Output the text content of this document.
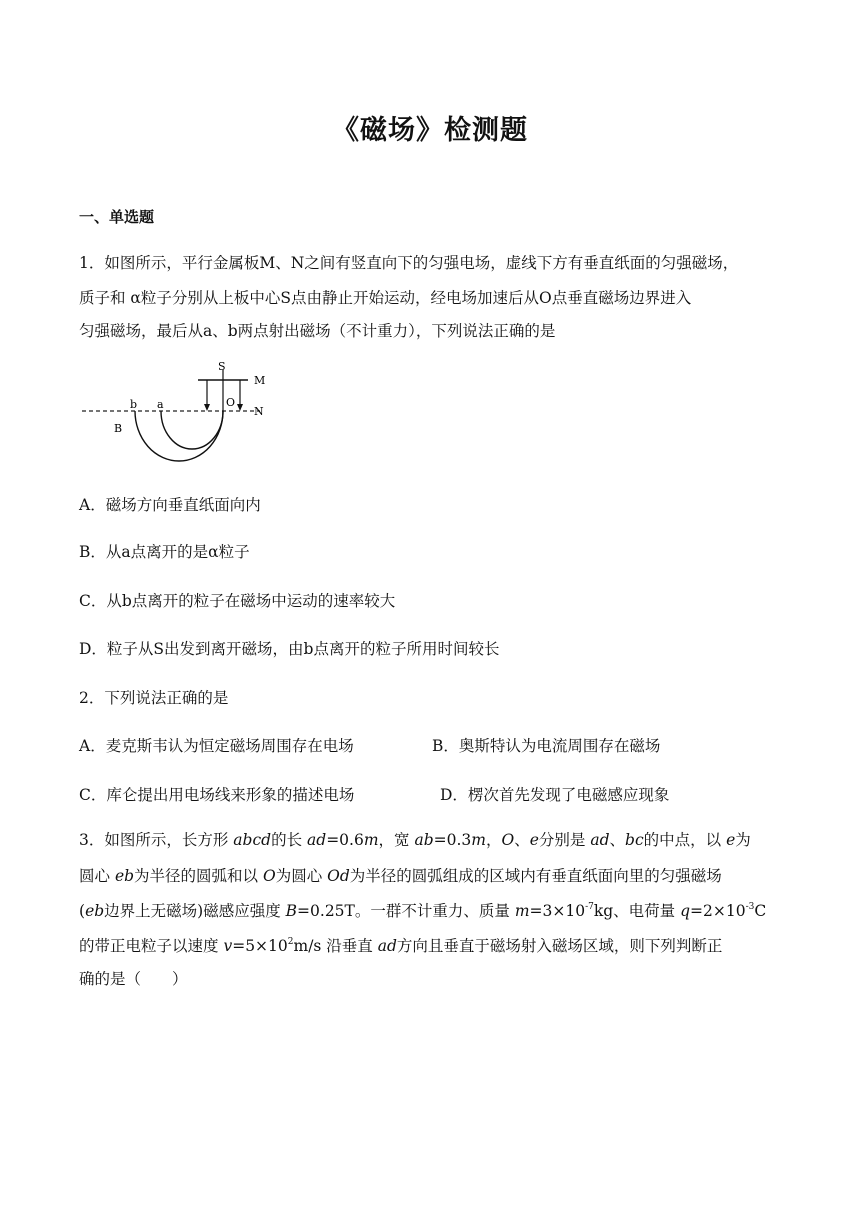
《磁场》检测题
一、单选题
1．如图所示，平行金属板M、N之间有竖直向下的匀强电场，虚线下方有垂直纸面的匀强磁场，
质子和 α粒子分别从上板中心S点由静止开始运动，经电场加速后从O点垂直磁场边界进入
匀强磁场，最后从a、b两点射出磁场（不计重力），下列说法正确的是
S
M
N
O
a
b
B
A．磁场方向垂直纸面向内
B．从a点离开的是α粒子
C．从b点离开的粒子在磁场中运动的速率较大
D．粒子从S出发到离开磁场，由b点离开的粒子所用时间较长
2．下列说法正确的是
A．麦克斯韦认为恒定磁场周围存在电场	B．奥斯特认为电流周围存在磁场
C．库仑提出用电场线来形象的描述电场	D．楞次首先发现了电磁感应现象
3．如图所示，长方形 abcd的长 ad=0.6m，宽 ab=0.3m，O、e分别是 ad、bc的中点，以 e为
圆心 eb为半径的圆弧和以 O为圆心 Od为半径的圆弧组成的区域内有垂直纸面向里的匀强磁场
(eb边界上无磁场)磁感应强度 B=0.25T。一群不计重力、质量 $m=3\times 10^{-7}kg$、电荷量 $q=2\times 10^{-3}C$
的带正电粒子以速度 $v=5\times 10^2m/s$ 沿垂直 ad方向且垂直于磁场射入磁场区域，则下列判断正
确的是（　　）
